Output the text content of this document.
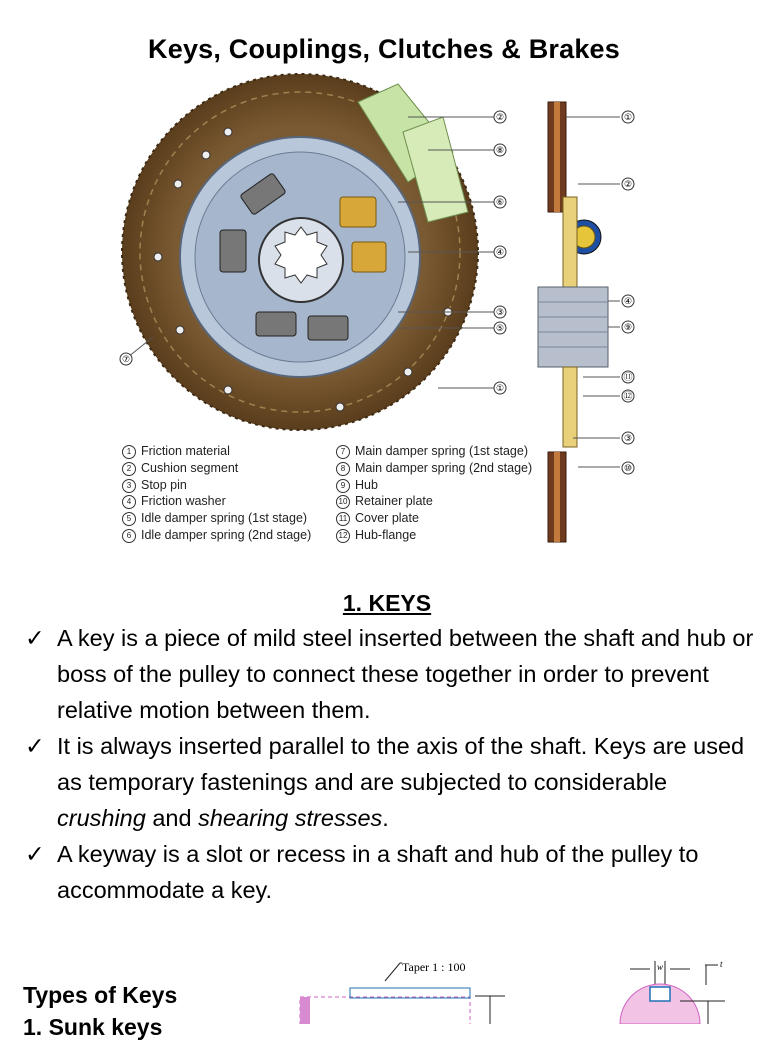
Keys, Couplings, Clutches & Brakes
②
⑧
⑥
④
③
⑤
①
⑦
①
②
④
⑨
⑪
⑫
③
⑩
1 Friction material
2 Cushion segment
3 Stop pin
4 Friction washer
5 Idle damper spring (1st stage)
6 Idle damper spring (2nd stage)
7 Main damper spring (1st stage)
8 Main damper spring (2nd stage)
9 Hub
10 Retainer plate
11 Cover plate
12 Hub-flange
1. KEYS
✓ A key is a piece of mild steel inserted between the shaft and hub or boss of the pulley to connect these together in order to prevent relative motion between them.
✓ It is always inserted parallel to the axis of the shaft. Keys are used as temporary fastenings and are subjected to considerable crushing and shearing stresses.
✓ A keyway is a slot or recess in a shaft and hub of the pulley to accommodate a key.
Types of Keys
1. Sunk keys
Taper 1 : 100	w	t
